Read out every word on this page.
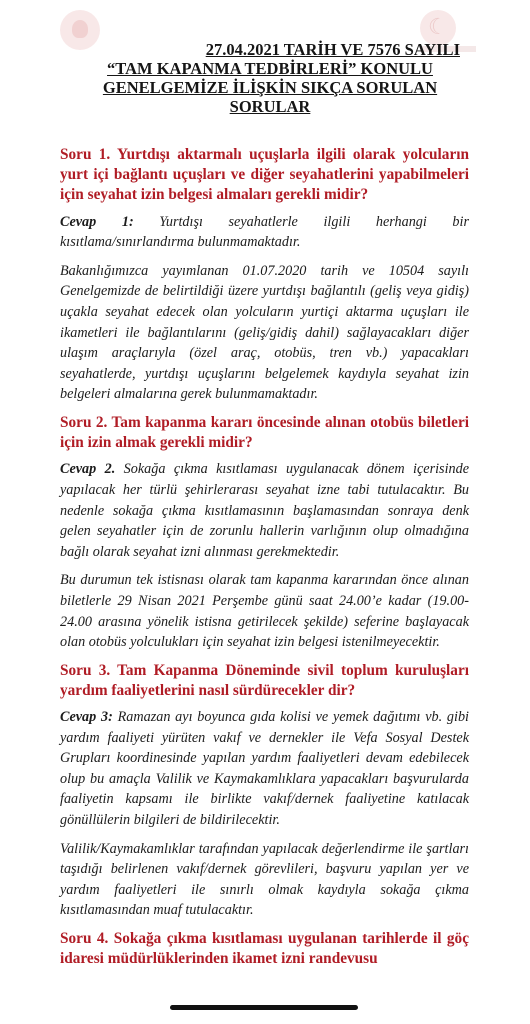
☾
27.04.2021 TARİH VE 7576 SAYILI
“TAM KAPANMA TEDBİRLERİ” KONULU
GENELGEMİZE İLİŞKİN SIKÇA SORULAN
SORULAR
Soru 1. Yurtdışı aktarmalı uçuşlarla ilgili olarak yolcuların yurt içi bağlantı uçuşları ve diğer seyahatlerini yapabilmeleri için seyahat izin belgesi almaları gerekli midir?
Cevap 1: Yurtdışı seyahatlerle ilgili herhangi bir kısıtlama/sınırlandırma bulunmamaktadır.
Bakanlığımızca yayımlanan 01.07.2020 tarih ve 10504 sayılı Genelgemizde de belirtildiği üzere yurtdışı bağlantılı (geliş veya gidiş) uçakla seyahat edecek olan yolcuların yurtiçi aktarma uçuşları ile ikametleri ile bağlantılarını (geliş/gidiş dahil) sağlayacakları diğer ulaşım araçlarıyla (özel araç, otobüs, tren vb.) yapacakları seyahatlerde, yurtdışı uçuşlarını belgelemek kaydıyla seyahat izin belgeleri almalarına gerek bulunmamaktadır.
Soru 2. Tam kapanma kararı öncesinde alınan otobüs biletleri için izin almak gerekli midir?
Cevap 2. Sokağa çıkma kısıtlaması uygulanacak dönem içerisinde yapılacak her türlü şehirlerarası seyahat izne tabi tutulacaktır. Bu nedenle sokağa çıkma kısıtlamasının başlamasından sonraya denk gelen seyahatler için de zorunlu hallerin varlığının olup olmadığına bağlı olarak seyahat izni alınması gerekmektedir.
Bu durumun tek istisnası olarak tam kapanma kararından önce alınan biletlerle 29 Nisan 2021 Perşembe günü saat 24.00’e kadar (19.00-24.00 arasına yönelik istisna getirilecek şekilde) seferine başlayacak olan otobüs yolculukları için seyahat izin belgesi istenilmeyecektir.
Soru 3. Tam Kapanma Döneminde sivil toplum kuruluşları yardım faaliyetlerini nasıl sürdürecekler dir?
Cevap 3: Ramazan ayı boyunca gıda kolisi ve yemek dağıtımı vb. gibi yardım faaliyeti yürüten vakıf ve dernekler ile Vefa Sosyal Destek Grupları koordinesinde yapılan yardım faaliyetleri devam edebilecek olup bu amaçla Valilik ve Kaymakamlıklara yapacakları başvurularda faaliyetin kapsamı ile birlikte vakıf/dernek faaliyetine katılacak gönüllülerin bilgileri de bildirilecektir.
Valilik/Kaymakamlıklar tarafından yapılacak değerlendirme ile şartları taşıdığı belirlenen vakıf/dernek görevlileri, başvuru yapılan yer ve yardım faaliyetleri ile sınırlı olmak kaydıyla sokağa çıkma kısıtlamasından muaf tutulacaktır.
Soru 4. Sokağa çıkma kısıtlaması uygulanan tarihlerde il göç idaresi müdürlüklerinden ikamet izni randevusu
